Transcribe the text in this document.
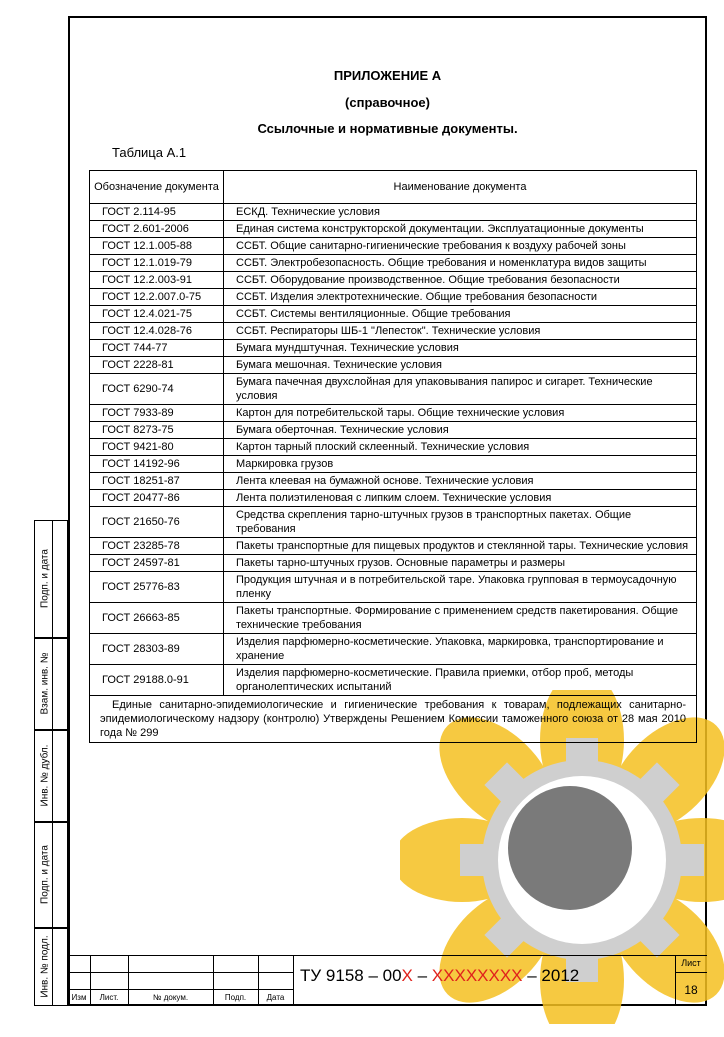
Подп. и дата
Взам. инв. №
Инв. № дубл.
Подп. и дата
Инв. № подл.
ПРИЛОЖЕНИЕ А
(справочное)
Ссылочные и нормативные документы.
Таблица А.1
Обозначение документа	Наименование документа
ГОСТ 2.114-95	ЕСКД. Технические условия
ГОСТ 2.601-2006	Единая система конструкторской документации. Эксплуатационные документы
ГОСТ 12.1.005-88	ССБТ. Общие санитарно-гигиенические требования к воздуху рабочей зоны
ГОСТ 12.1.019-79	ССБТ. Электробезопасность. Общие требования и номенклатура видов защиты
ГОСТ 12.2.003-91	ССБТ. Оборудование производственное. Общие требования безопасности
ГОСТ 12.2.007.0-75	ССБТ. Изделия электротехнические. Общие требования безопасности
ГОСТ 12.4.021-75	ССБТ. Системы вентиляционные. Общие требования
ГОСТ 12.4.028-76	ССБТ. Респираторы ШБ-1 "Лепесток". Технические условия
ГОСТ 744-77	Бумага мундштучная. Технические условия
ГОСТ 2228-81	Бумага мешочная. Технические условия
ГОСТ 6290-74	Бумага пачечная двухслойная для упаковывания папирос и сигарет. Технические условия
ГОСТ 7933-89	Картон для потребительской тары. Общие технические условия
ГОСТ 8273-75	Бумага оберточная. Технические условия
ГОСТ 9421-80	Картон тарный плоский склеенный. Технические условия
ГОСТ 14192-96	Маркировка грузов
ГОСТ 18251-87	Лента клеевая на бумажной основе. Технические условия
ГОСТ 20477-86	Лента полиэтиленовая с липким слоем. Технические условия
ГОСТ 21650-76	Средства скрепления тарно-штучных грузов в транспортных пакетах. Общие требования
ГОСТ 23285-78	Пакеты транспортные для пищевых продуктов и стеклянной тары. Технические условия
ГОСТ 24597-81	Пакеты тарно-штучных грузов. Основные параметры и размеры
ГОСТ 25776-83	Продукция штучная и в потребительской таре. Упаковка групповая в термоусадочную пленку
ГОСТ 26663-85	Пакеты транспортные. Формирование с применением средств пакетирования. Общие технические требования
ГОСТ 28303-89	Изделия парфюмерно-косметические. Упаковка, маркировка, транспортирование и хранение
ГОСТ 29188.0-91	Изделия парфюмерно-косметические. Правила приемки, отбор проб, методы органолептических испытаний
Единые санитарно-эпидемиологические и гигиенические требования к товарам, подлежащих санитарно-эпидемиологическому надзору (контролю) Утверждены Решением Комиссии таможенного союза от 28 мая 2010 года № 299	
Изм	Лист.	№ докум.	Подп.	Дата
ТУ 9158 – 00Х – ХХХХХХХХ – 2012
Лист
18
